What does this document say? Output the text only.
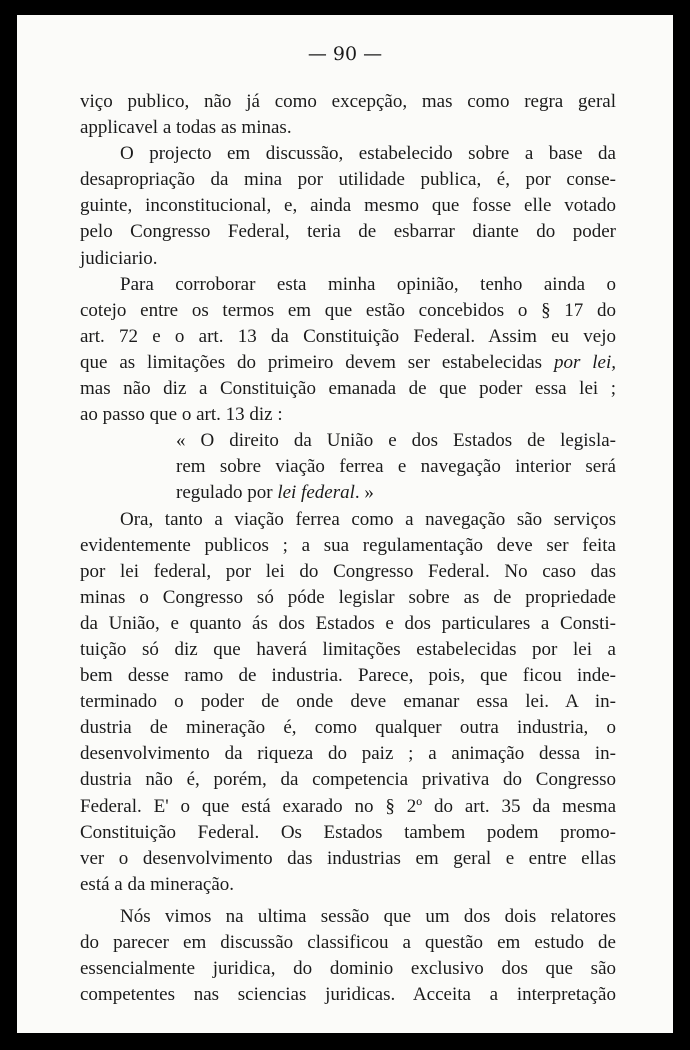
— 90 —
viço publico, não já como excepção, mas como regra geral
applicavel a todas as minas.
O projecto em discussão, estabelecido sobre a base da
desapropriação da mina por utilidade publica, é, por conse-
guinte, inconstitucional, e, ainda mesmo que fosse elle votado
pelo Congresso Federal, teria de esbarrar diante do poder
judiciario.
Para corroborar esta minha opinião, tenho ainda o
cotejo entre os termos em que estão concebidos o § 17 do
art. 72 e o art. 13 da Constituição Federal. Assim eu vejo
que as limitações do primeiro devem ser estabelecidas por lei,
mas não diz a Constituição emanada de que poder essa lei ;
ao passo que o art. 13 diz :
« O direito da União e dos Estados de legisla-
rem sobre viação ferrea e navegação interior será
regulado por lei federal. »
Ora, tanto a viação ferrea como a navegação são serviços
evidentemente publicos ; a sua regulamentação deve ser feita
por lei federal, por lei do Congresso Federal. No caso das
minas o Congresso só póde legislar sobre as de propriedade
da União, e quanto ás dos Estados e dos particulares a Consti-
tuição só diz que haverá limitações estabelecidas por lei a
bem desse ramo de industria. Parece, pois, que ficou inde-
terminado o poder de onde deve emanar essa lei. A in-
dustria de mineração é, como qualquer outra industria, o
desenvolvimento da riqueza do paiz ; a animação dessa in-
dustria não é, porém, da competencia privativa do Congresso
Federal. E' o que está exarado no § 2º do art. 35 da mesma
Constituição Federal. Os Estados tambem podem promo-
ver o desenvolvimento das industrias em geral e entre ellas
está a da mineração.
Nós vimos na ultima sessão que um dos dois relatores
do parecer em discussão classificou a questão em estudo de
essencialmente juridica, do dominio exclusivo dos que são
competentes nas sciencias juridicas. Acceita a interpretação
